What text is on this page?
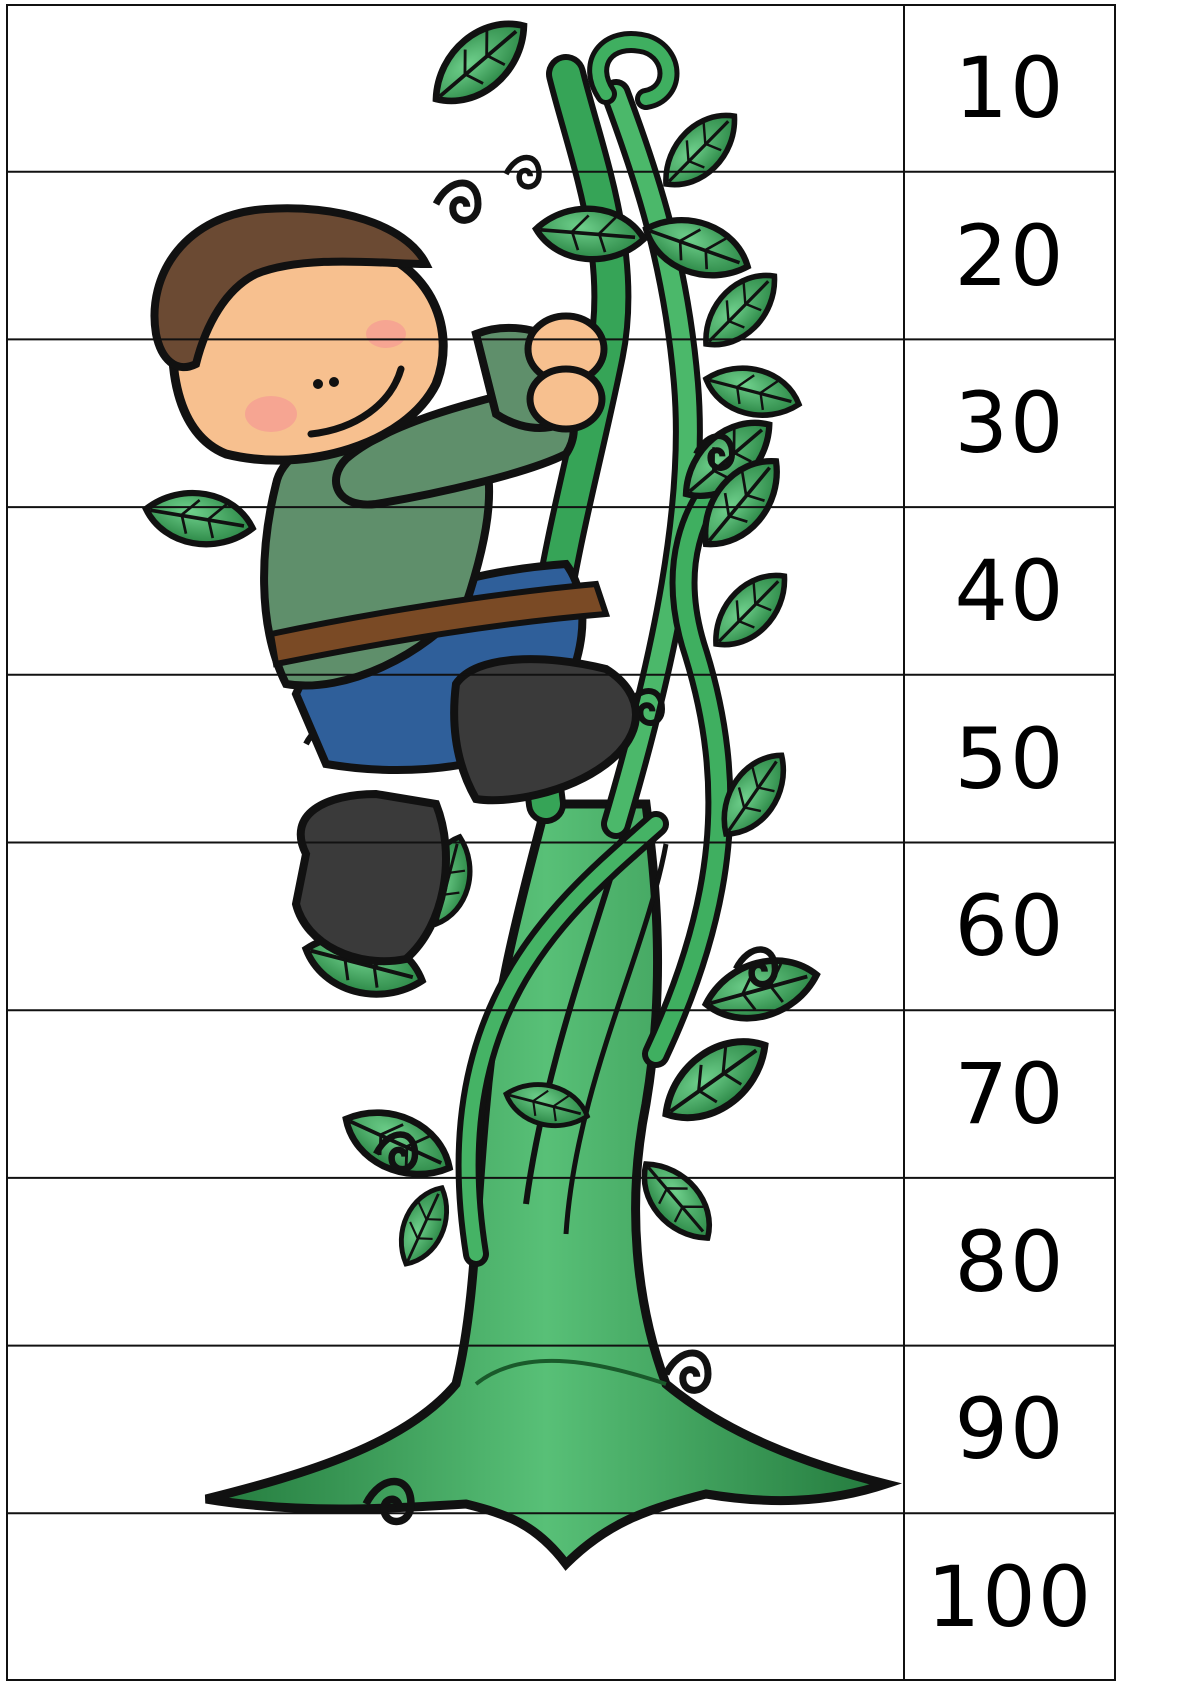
10
20
30
40
50
60
70
80
90
100
